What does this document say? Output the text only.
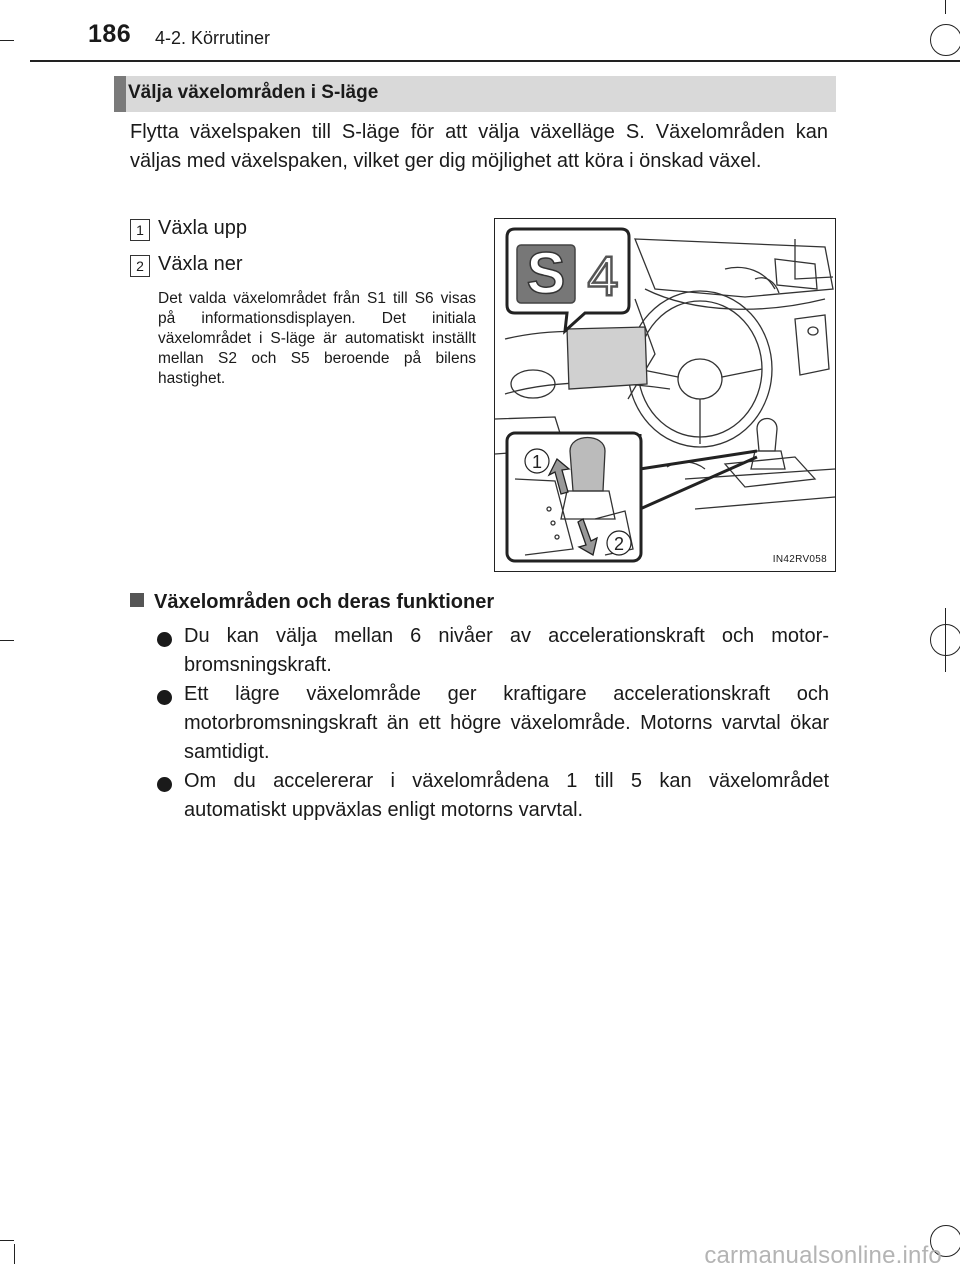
186 4-2. Körrutiner
Välja växelområden i S-läge

Flytta växelspaken till S-läge för att välja växelläge S. Växelområden kan väljas med växelspaken, vilket ger dig möjlighet att köra i önskad växel.

1 Växla upp
2 Växla ner

Det valda växelområdet från S1 till S6 visas på informationsdisplayen. Det initiala växelområdet i S-läge är automatiskt inställt mellan S2 och S5 beroende på bilens hastighet.

S 4
1
2
IN42RV058
Växelområden och deras funktioner

Du kan välja mellan 6 nivåer av accelerationskraft och motor-bromsningskraft.

Ett lägre växelområde ger kraftigare accelerationskraft och motorbromsningskraft än ett högre växelområde. Motorns varvtal ökar samtidigt.

Om du accelererar i växelområdena 1 till 5 kan växelområdet automatiskt uppväxlas enligt motorns varvtal.

carmanualsonline.info
